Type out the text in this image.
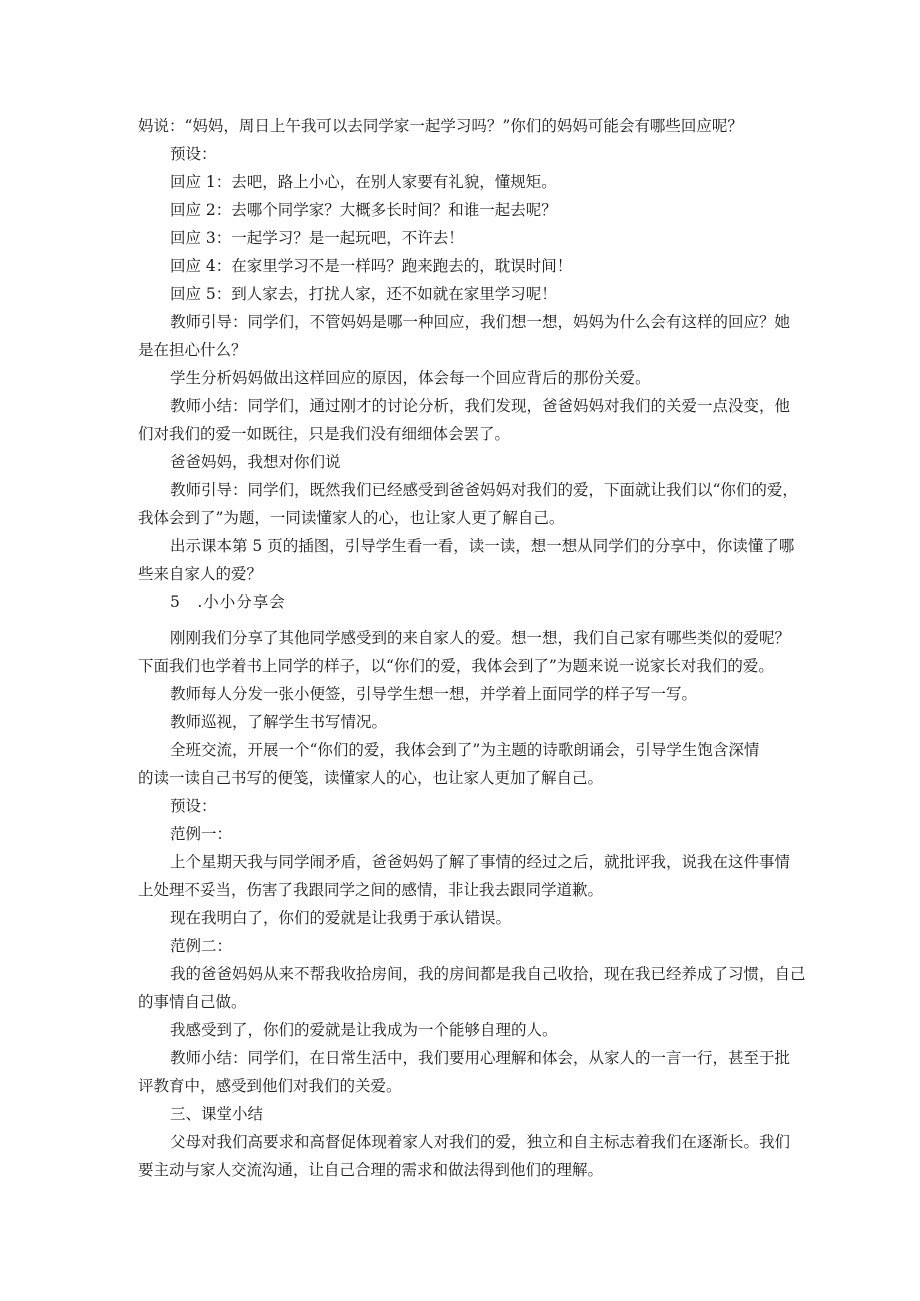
妈说：“妈妈，周日上午我可以去同学家一起学习吗？”你们的妈妈可能会有哪些回应呢？
预设：
回应 1：去吧，路上小心，在别人家要有礼貌，懂规矩。
回应 2：去哪个同学家？大概多长时间？和谁一起去呢？
回应 3：一起学习？是一起玩吧，不许去！
回应 4：在家里学习不是一样吗？跑来跑去的，耽误时间！
回应 5：到人家去，打扰人家，还不如就在家里学习呢！
教师引导：同学们，不管妈妈是哪一种回应，我们想一想，妈妈为什么会有这样的回应？她
是在担心什么？
学生分析妈妈做出这样回应的原因，体会每一个回应背后的那份关爱。
教师小结：同学们，通过刚才的讨论分析，我们发现，爸爸妈妈对我们的关爱一点没变，他
们对我们的爱一如既往，只是我们没有细细体会罢了。
爸爸妈妈，我想对你们说
教师引导：同学们，既然我们已经感受到爸爸妈妈对我们的爱，下面就让我们以“你们的爱，
我体会到了”为题，一同读懂家人的心，也让家人更了解自己。
出示课本第 5 页的插图，引导学生看一看，读一读，想一想从同学们的分享中，你读懂了哪
些来自家人的爱？
5　.小小分享会
刚刚我们分享了其他同学感受到的来自家人的爱。想一想，我们自己家有哪些类似的爱呢？
下面我们也学着书上同学的样子，以“你们的爱，我体会到了”为题来说一说家长对我们的爱。
教师每人分发一张小便签，引导学生想一想，并学着上面同学的样子写一写。
教师巡视，了解学生书写情况。
全班交流，开展一个“你们的爱，我体会到了”为主题的诗歌朗诵会，引导学生饱含深情
的读一读自己书写的便笺，读懂家人的心，也让家人更加了解自己。
预设：
范例一：
上个星期天我与同学闹矛盾，爸爸妈妈了解了事情的经过之后，就批评我，说我在这件事情
上处理不妥当，伤害了我跟同学之间的感情，非让我去跟同学道歉。
现在我明白了，你们的爱就是让我勇于承认错误。
范例二：
我的爸爸妈妈从来不帮我收拾房间，我的房间都是我自己收拾，现在我已经养成了习惯，自己
的事情自己做。
我感受到了，你们的爱就是让我成为一个能够自理的人。
教师小结：同学们，在日常生活中，我们要用心理解和体会，从家人的一言一行，甚至于批
评教育中，感受到他们对我们的关爱。
三、课堂小结
父母对我们高要求和高督促体现着家人对我们的爱，独立和自主标志着我们在逐渐长。我们
要主动与家人交流沟通，让自己合理的需求和做法得到他们的理解。
